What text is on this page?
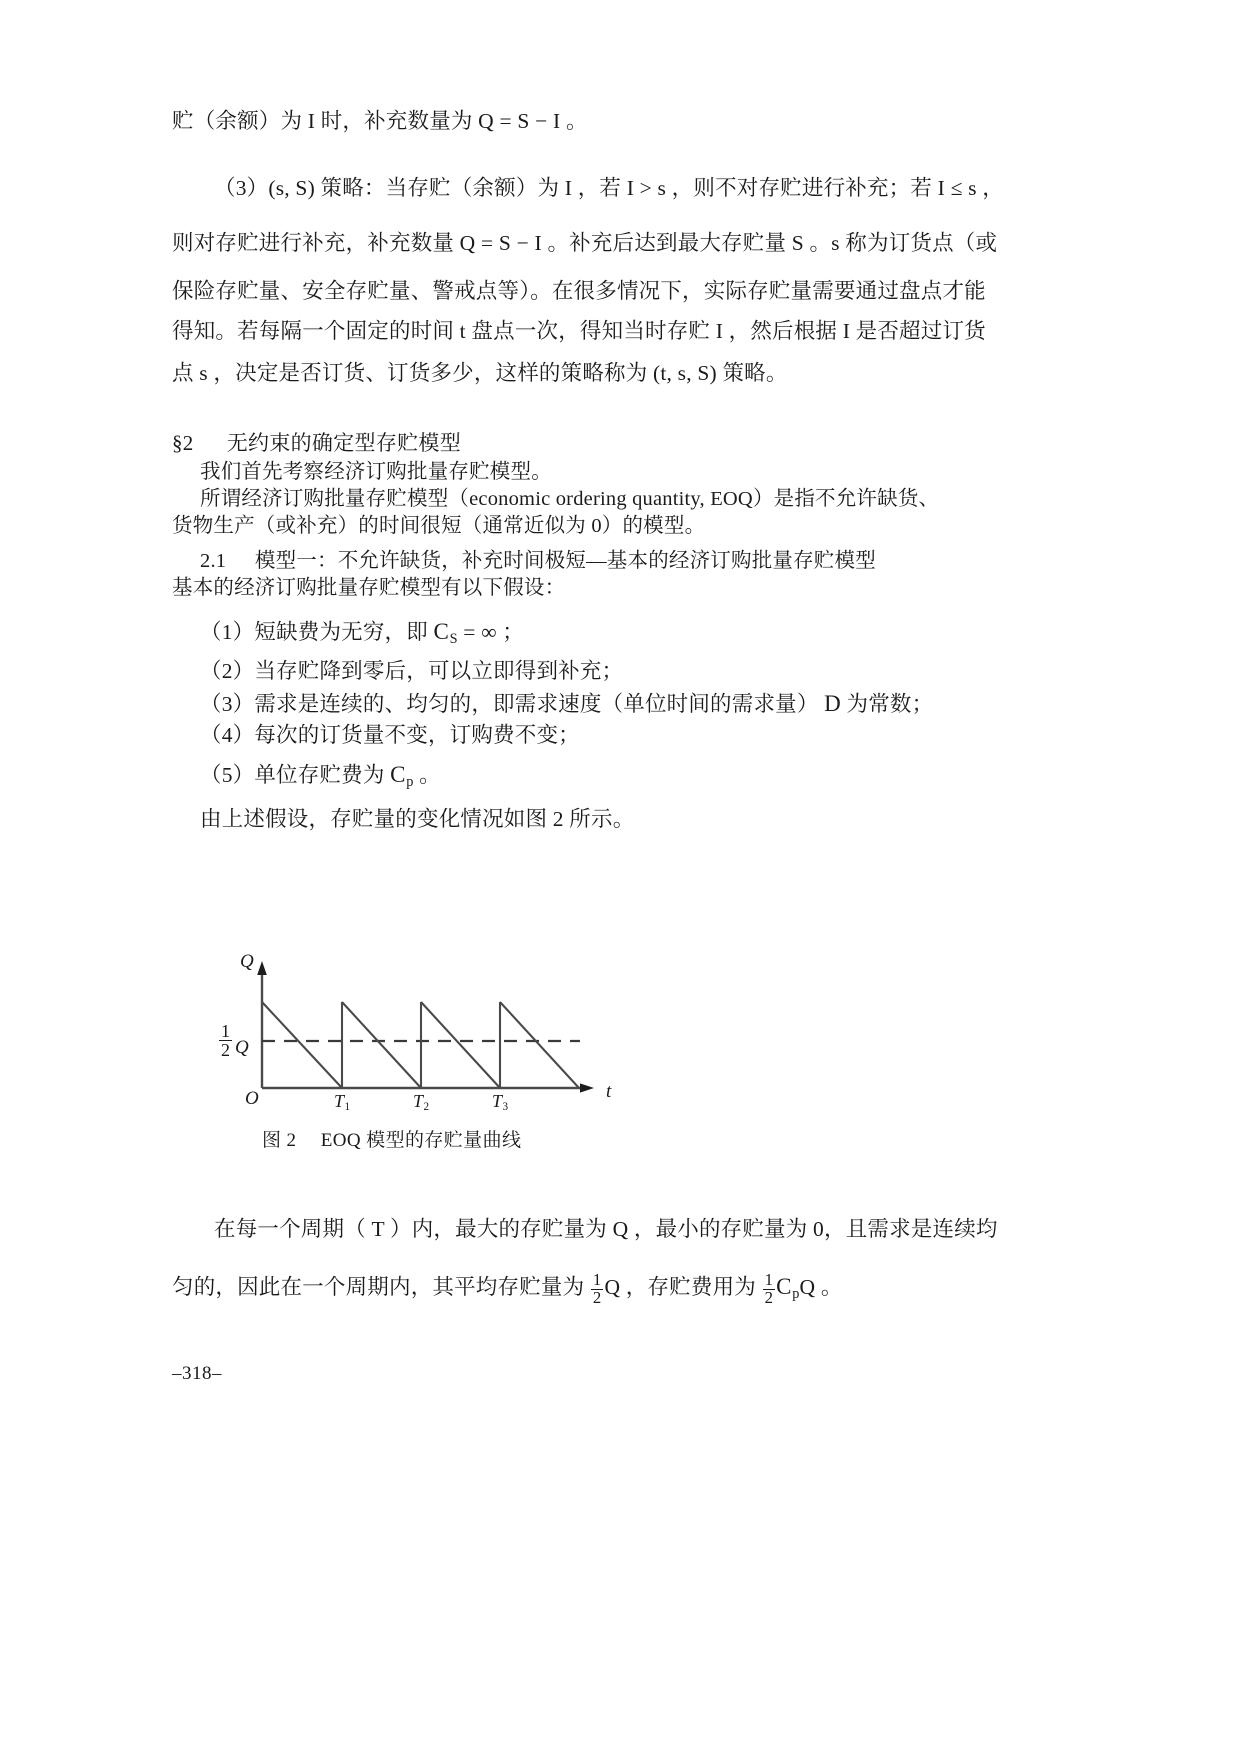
贮（余额）为 I 时，补充数量为 Q = S − I 。
（3）(s, S) 策略：当存贮（余额）为 I ，若 I > s ，则不对存贮进行补充；若 I ≤ s ，
则对存贮进行补充，补充数量 Q = S − I 。补充后达到最大存贮量 S 。s 称为订货点（或
保险存贮量、安全存贮量、警戒点等）。在很多情况下，实际存贮量需要通过盘点才能
得知。若每隔一个固定的时间 t 盘点一次，得知当时存贮 I ，然后根据 I 是否超过订货
点 s ，决定是否订货、订货多少，这样的策略称为 (t, s, S) 策略。
§2 无约束的确定型存贮模型
我们首先考察经济订购批量存贮模型。
所谓经济订购批量存贮模型（economic ordering quantity, EOQ）是指不允许缺货、
货物生产（或补充）的时间很短（通常近似为 0）的模型。
2.1 模型一：不允许缺货，补充时间极短—基本的经济订购批量存贮模型
基本的经济订购批量存贮模型有以下假设：
（1）短缺费为无穷，即 $C_S$ = ∞ ；
（2）当存贮降到零后，可以立即得到补充；
（3）需求是连续的、均匀的，即需求速度（单位时间的需求量） D 为常数；
（4）每次的订货量不变，订购费不变；
（5）单位存贮费为 $C_p$ 。
由上述假设，存贮量的变化情况如图 2 所示。
Q
t
O
$\frac{1}{2}$ Q
$T_1$	$T_2$	$T_3$
图 2 EOQ 模型的存贮量曲线
在每一个周期（ T ）内，最大的存贮量为 Q ，最小的存贮量为 0，且需求是连续均
匀的，因此在一个周期内，其平均存贮量为 $\frac{1}{2}$ Q ，存贮费用为 $\frac{1}{2} C_pQ$ 。
–318–
